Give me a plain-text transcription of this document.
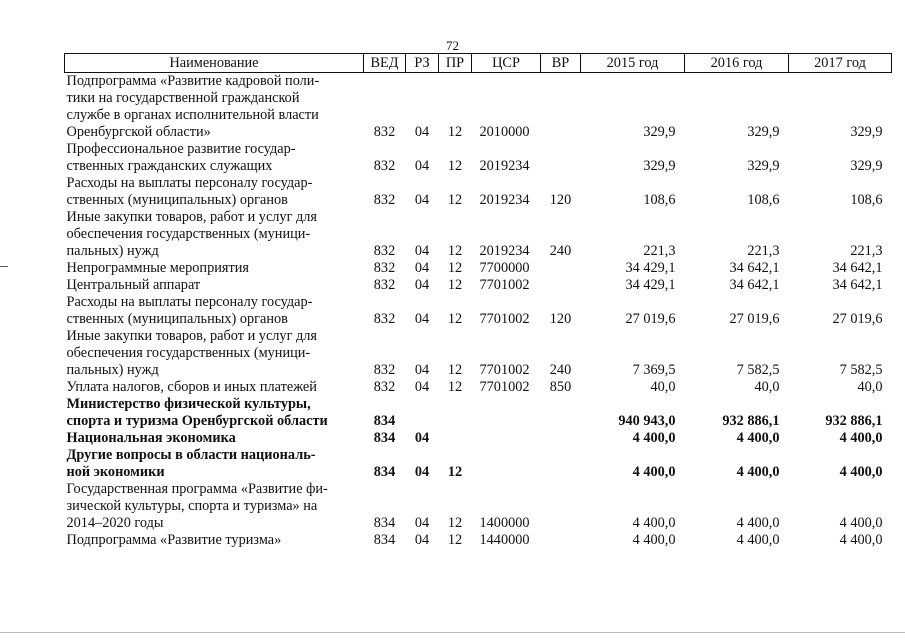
72
Наименование	ВЕД	РЗ	ПР	ЦСР	ВР	2015 год	2016 год	2017 год
Подпрограмма «Развитие кадровой поли-
тики на государственной гражданской
службе в органах исполнительной власти
Оренбургской области»	832	04	12	2010000		329,9	329,9	329,9
Профессиональное развитие государ-
ственных гражданских служащих	832	04	12	2019234		329,9	329,9	329,9
Расходы на выплаты персоналу государ-
ственных (муниципальных) органов	832	04	12	2019234	120	108,6	108,6	108,6
Иные закупки товаров, работ и услуг для
обеспечения государственных (муници-
пальных) нужд	832	04	12	2019234	240	221,3	221,3	221,3
Непрограммные мероприятия	832	04	12	7700000		34 429,1	34 642,1	34 642,1
Центральный аппарат	832	04	12	7701002		34 429,1	34 642,1	34 642,1
Расходы на выплаты персоналу государ-
ственных (муниципальных) органов	832	04	12	7701002	120	27 019,6	27 019,6	27 019,6
Иные закупки товаров, работ и услуг для
обеспечения государственных (муници-
пальных) нужд	832	04	12	7701002	240	7 369,5	7 582,5	7 582,5
Уплата налогов, сборов и иных платежей	832	04	12	7701002	850	40,0	40,0	40,0
Министерство физической культуры,
спорта и туризма Оренбургской области	834					940 943,0	932 886,1	932 886,1
Национальная экономика	834	04				4 400,0	4 400,0	4 400,0
Другие вопросы в области националь-
ной экономики	834	04	12			4 400,0	4 400,0	4 400,0
Государственная программа «Развитие фи-
зической культуры, спорта и туризма» на
2014–2020 годы	834	04	12	1400000		4 400,0	4 400,0	4 400,0
Подпрограмма «Развитие туризма»	834	04	12	1440000		4 400,0	4 400,0	4 400,0
